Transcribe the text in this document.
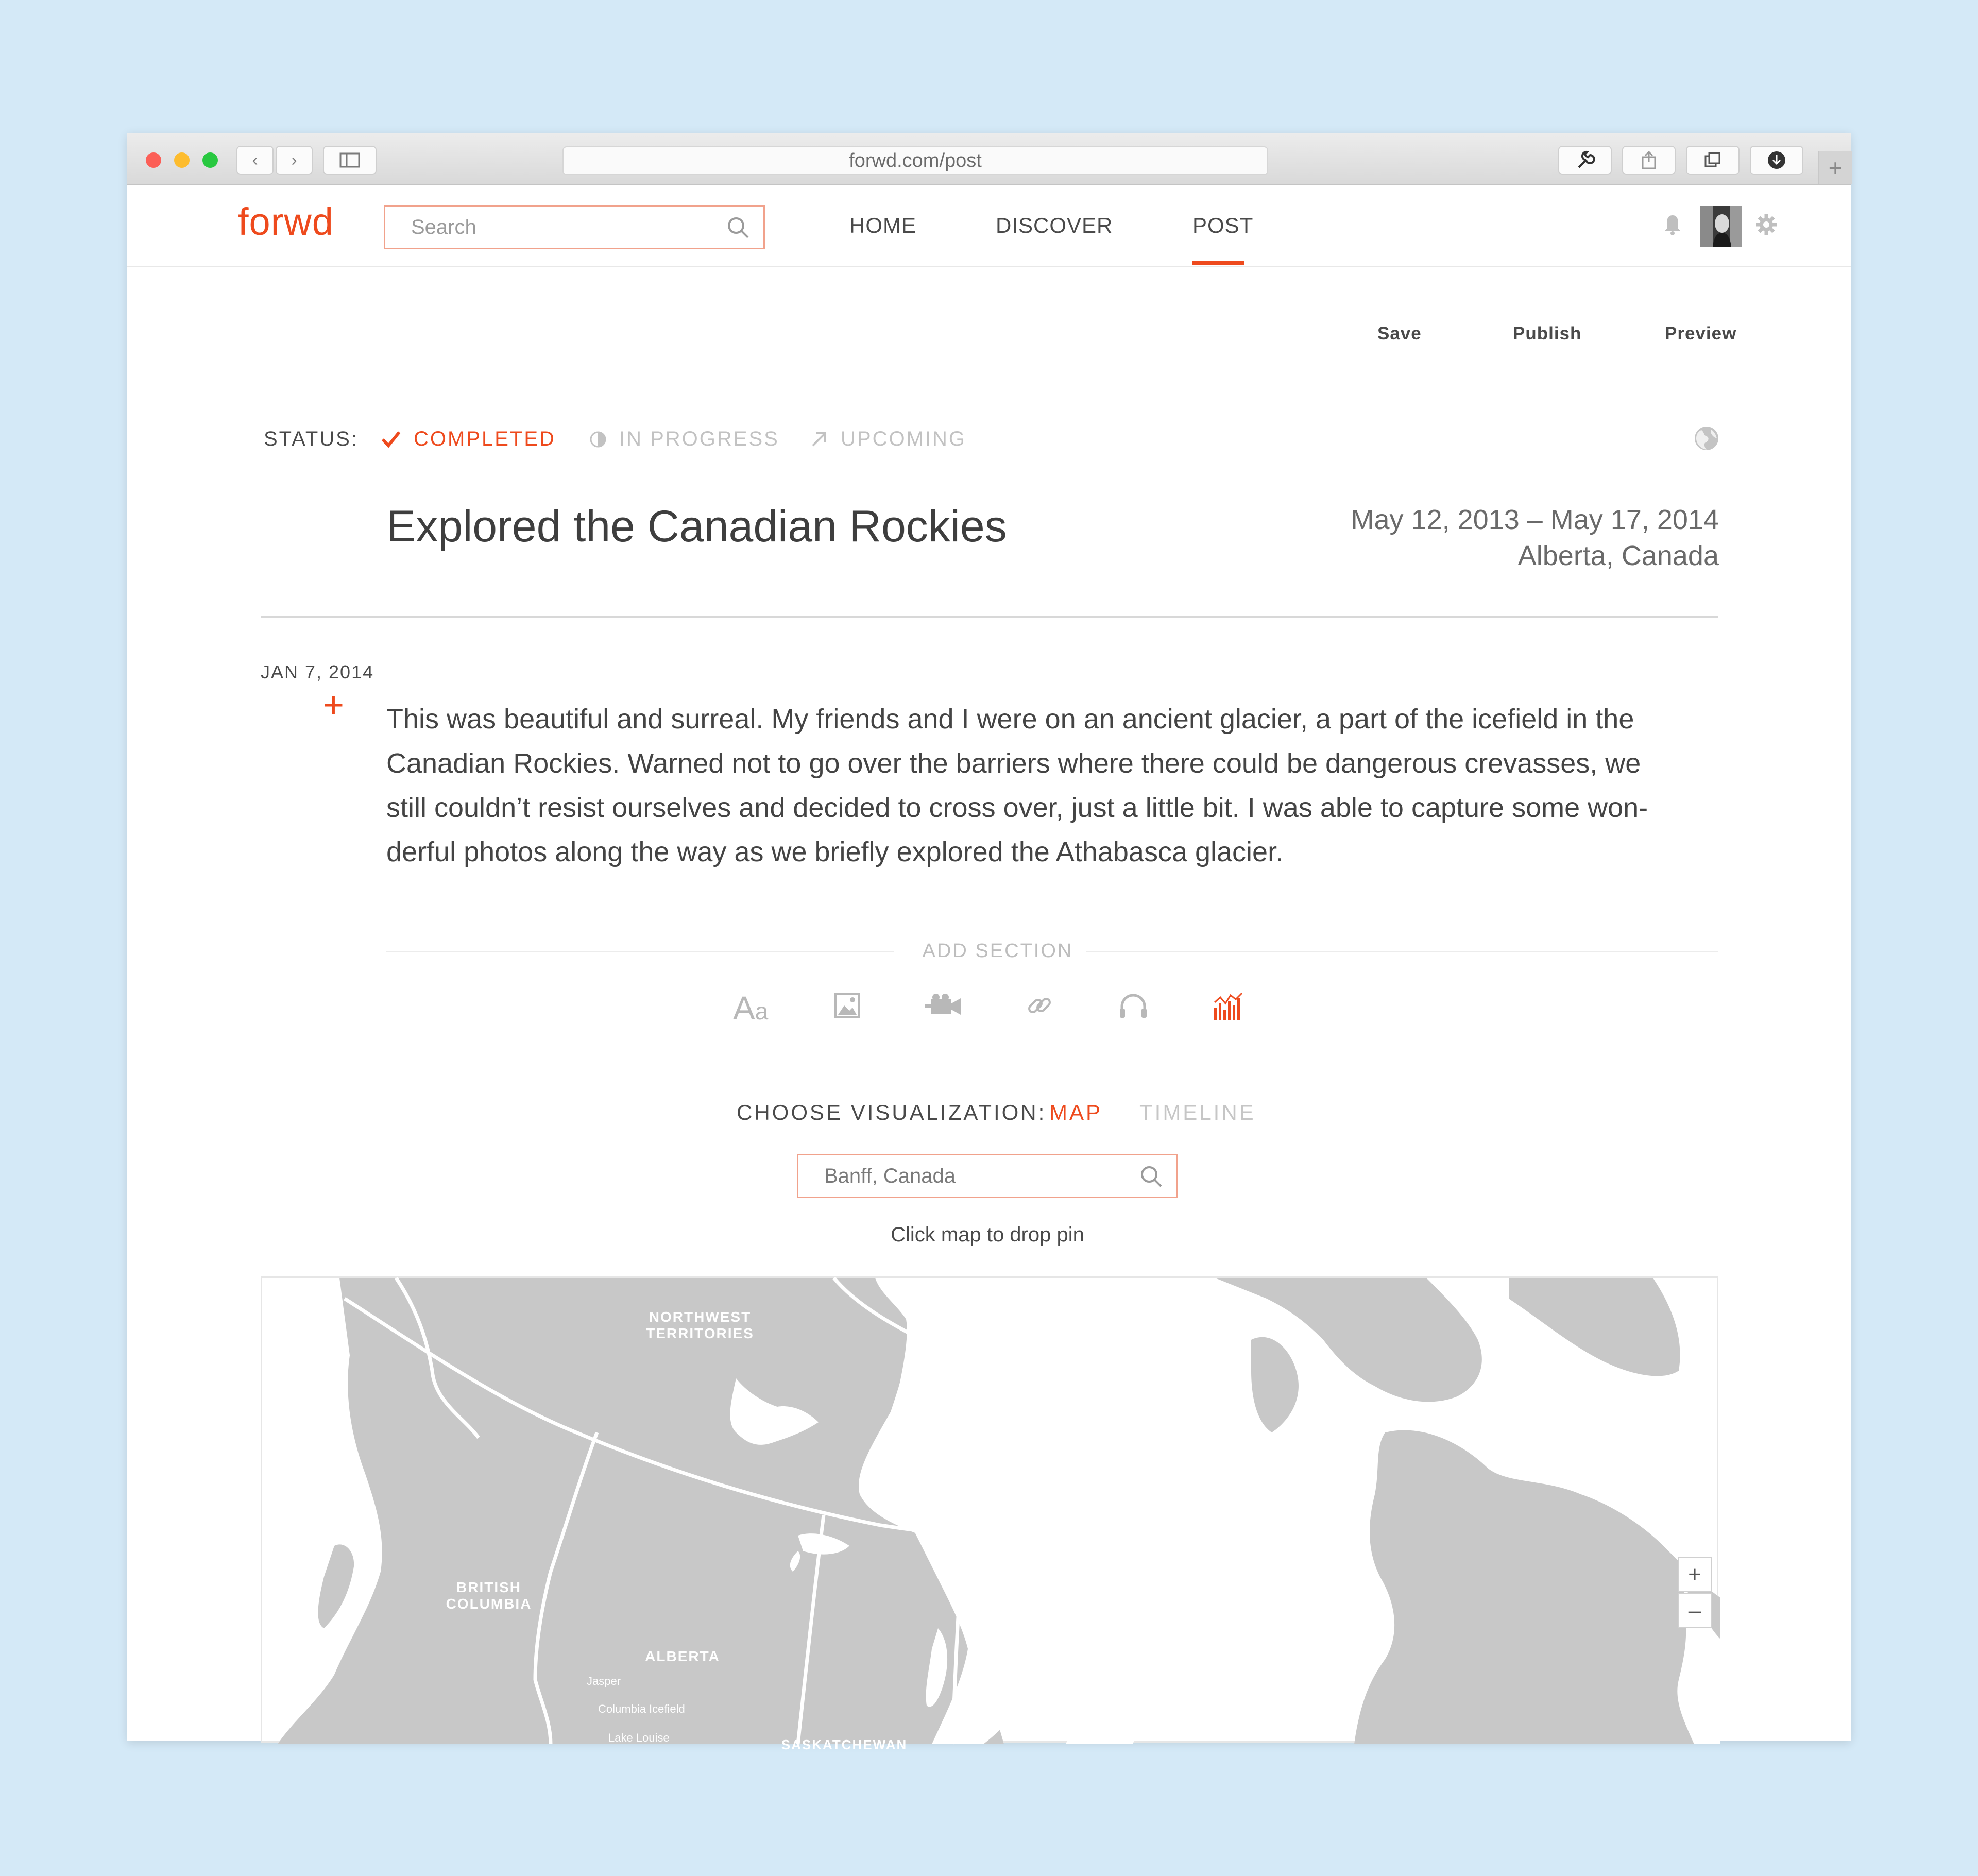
‹ ›	forwd.com/post	+
forwd	Search	HOME	DISCOVER	POST
Save	Publish	Preview
STATUS:	COMPLETED	IN PROGRESS	UPCOMING
Explored the Canadian Rockies	May 12, 2013 – May 17, 2014
Alberta, Canada
JAN 7, 2014
+ This was beautiful and surreal. My friends and I were on an ancient glacier, a part of the icefield in the
Canadian Rockies. Warned not to go over the barriers where there could be dangerous crevasses, we
still couldn’t resist ourselves and decided to cross over, just a little bit. I was able to capture some won-
derful photos along the way as we briefly explored the Athabasca glacier.
ADD SECTION
Aa
CHOOSE VISUALIZATION: MAP TIMELINE
Banff, Canada
Click map to drop pin
NORTHWEST
TERRITORIES
BRITISH
COLUMBIA
ALBERTA
MANITOBA
SASKATCHEWAN
Jasper
Columbia Icefield
Lake Louise
+
–
